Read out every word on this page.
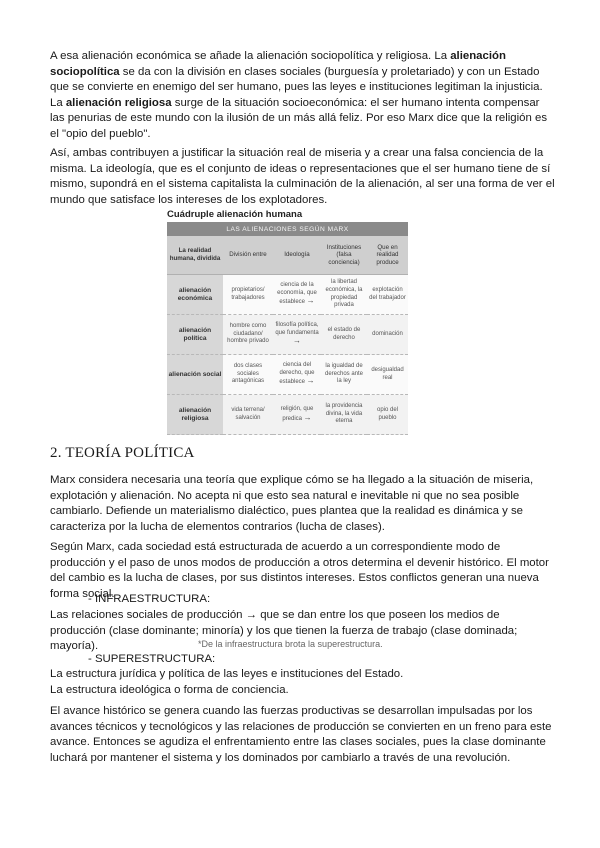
A esa alienación económica se añade la alienación sociopolítica y religiosa. La alienación sociopolítica se da con la división en clases sociales (burguesía y proletariado) y con un Estado que se convierte en enemigo del ser humano, pues las leyes e instituciones legitiman la injusticia. La alienación religiosa surge de la situación socioeconómica: el ser humano intenta compensar las penurias de este mundo con la ilusión de un más allá feliz. Por eso Marx dice que la religión es el "opio del pueblo".

Así, ambas contribuyen a justificar la situación real de miseria y a crear una falsa conciencia de la misma. La ideología, que es el conjunto de ideas o representaciones que el ser humano tiene de sí mismo, supondrá en el sistema capitalista la culminación de la alienación, al ser una forma de ver el mundo que satisface los intereses de los explotadores.

Cuádruple alienación humana
LAS ALIENACIONES SEGÚN MARX				
La realidad humana, dividida	División entre	Ideología	Instituciones (falsa conciencia)	Que en realidad produce
alienación económica	propietarios/ trabajadores	ciencia de la economía, que establece →	la libertad económica, la propiedad privada	explotación del trabajador
alienación política	hombre como ciudadano/ hombre privado	filosofía política, que fundamenta →	el estado de derecho	dominación
alienación social	dos clases sociales antagónicas	ciencia del derecho, que establece →	la igualdad de derechos ante la ley	desigualdad real
alienación religiosa	vida terrena/ salvación	religión, que predica →	la providencia divina, la vida eterna	opio del pueblo
2. TEORÍA POLÍTICA

Marx considera necesaria una teoría que explique cómo se ha llegado a la situación de miseria, explotación y alienación. No acepta ni que esto sea natural e inevitable ni que no sea posible cambiarlo. Defiende un materialismo dialéctico, pues plantea que la realidad es dinámica y se caracteriza por la lucha de elementos contrarios (lucha de clases).

Según Marx, cada sociedad está estructurada de acuerdo a un correspondiente modo de producción y el paso de unos modos de producción a otros determina el devenir histórico. El motor del cambio es la lucha de clases, por sus distintos intereses. Estos conflictos generan una nueva forma social.

- INFRAESTRUCTURA:

Las relaciones sociales de producción → que se dan entre los que poseen los medios de producción (clase dominante; minoría) y los que tienen la fuerza de trabajo (clase dominada; mayoría).	*De la infraestructura brota la superestructura.

- SUPERESTRUCTURA:

La estructura jurídica y política de las leyes e instituciones del Estado.

La estructura ideológica o forma de conciencia.

El avance histórico se genera cuando las fuerzas productivas se desarrollan impulsadas por los avances técnicos y tecnológicos y las relaciones de producción se convierten en un freno para este avance. Entonces se agudiza el enfrentamiento entre las clases sociales, pues la clase dominante luchará por mantener el sistema y los dominados por cambiarlo a través de una revolución.
